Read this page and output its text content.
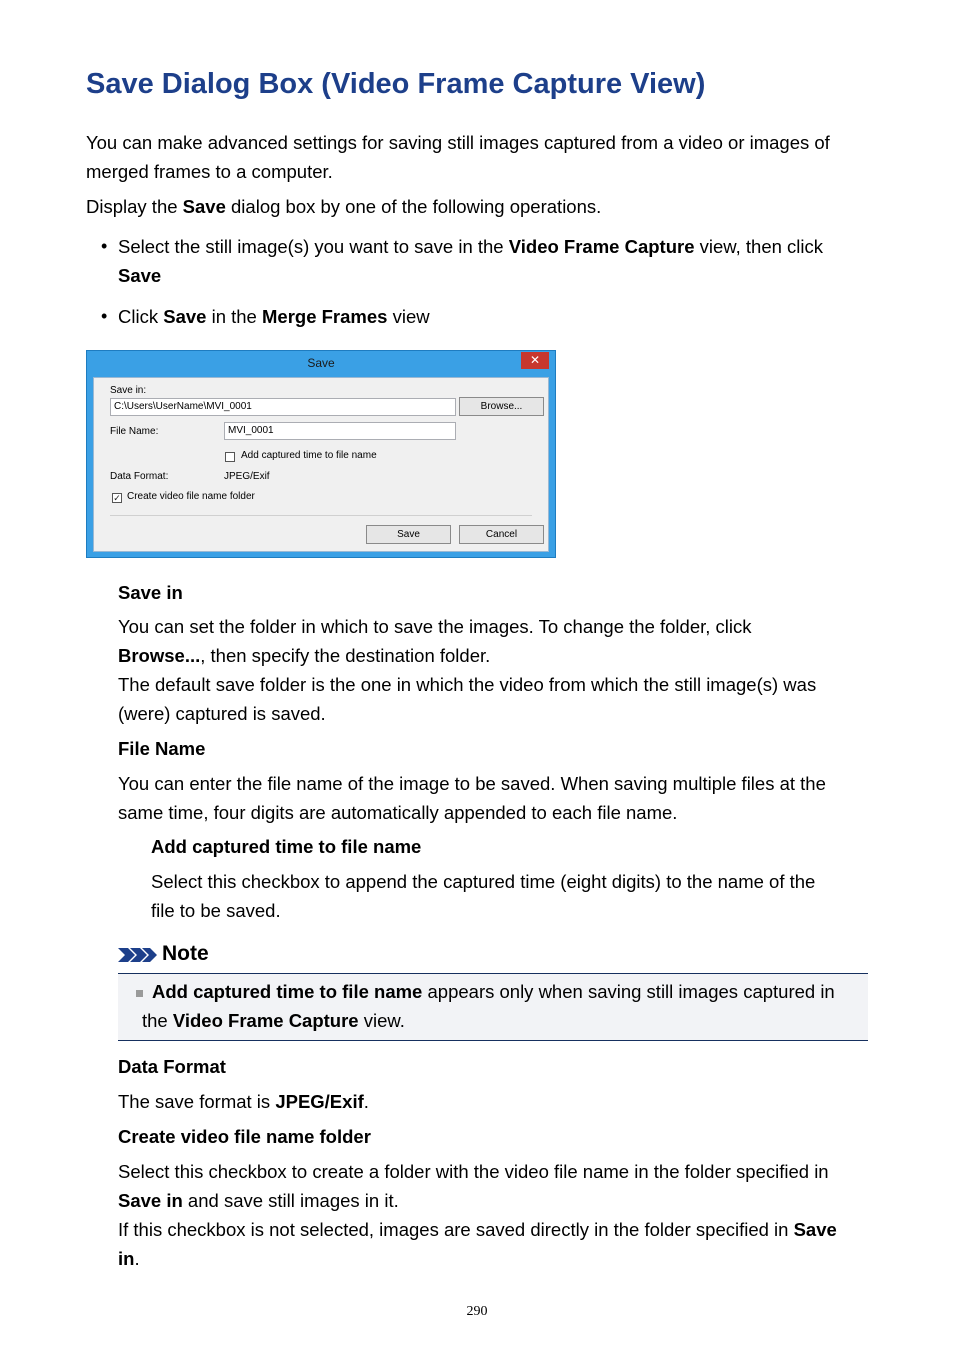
Save Dialog Box (Video Frame Capture View)
You can make advanced settings for saving still images captured from a video or images of
merged frames to a computer.
Display the Save dialog box by one of the following operations.
• Select the still image(s) you want to save in the Video Frame Capture view, then click
Save
• Click Save in the Merge Frames view
Save	✕
Save in:
C:\Users\UserName\MVI_0001	Browse...
File Name:	MVI_0001
Add captured time to file name
Data Format:	JPEG/Exif
✓ Create video file name folder
Save	Cancel
Save in
You can set the folder in which to save the images. To change the folder, click
Browse..., then specify the destination folder.
The default save folder is the one in which the video from which the still image(s) was
(were) captured is saved.
File Name
You can enter the file name of the image to be saved. When saving multiple files at the
same time, four digits are automatically appended to each file name.
Add captured time to file name
Select this checkbox to append the captured time (eight digits) to the name of the
file to be saved.
Note
Add captured time to file name appears only when saving still images captured in
the Video Frame Capture view.
Data Format
The save format is JPEG/Exif.
Create video file name folder
Select this checkbox to create a folder with the video file name in the folder specified in
Save in and save still images in it.
If this checkbox is not selected, images are saved directly in the folder specified in Save
in.
290
